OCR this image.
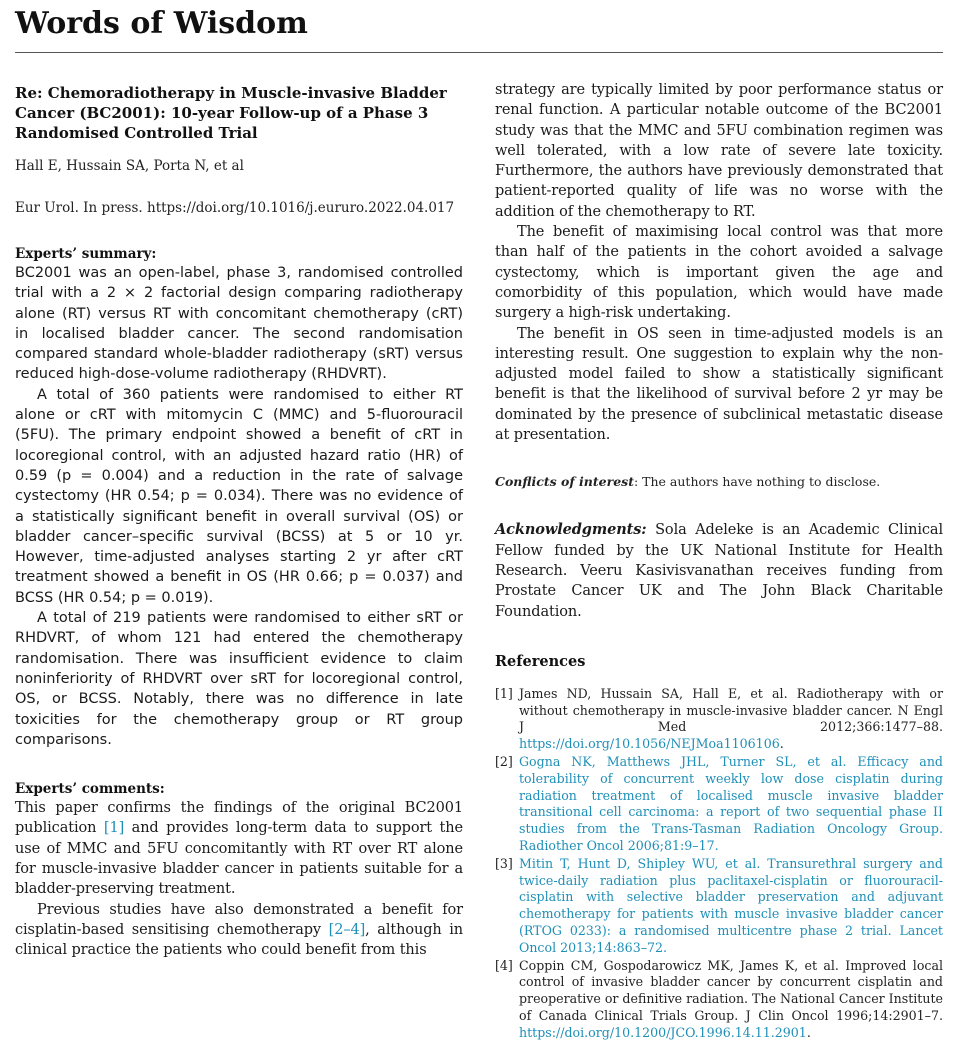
Words of Wisdom
Re: Chemoradiotherapy in Muscle-invasive Bladder Cancer (BC2001): 10-year Follow-up of a Phase 3 Randomised Controlled Trial

Hall E, Hussain SA, Porta N, et al

Eur Urol. In press. https://doi.org/10.1016/j.eururo.2022.04.017

Experts’ summary:

BC2001 was an open-label, phase 3, randomised controlled trial with a 2 × 2 factorial design comparing radiotherapy alone (RT) versus RT with concomitant chemotherapy (cRT) in localised bladder cancer. The second randomisation compared standard whole-bladder radiotherapy (sRT) versus reduced high-dose-volume radiotherapy (RHDVRT).

A total of 360 patients were randomised to either RT alone or cRT with mitomycin C (MMC) and 5-fluorouracil (5FU). The primary endpoint showed a benefit of cRT in locoregional control, with an adjusted hazard ratio (HR) of 0.59 (p = 0.004) and a reduction in the rate of salvage cystectomy (HR 0.54; p = 0.034). There was no evidence of a statistically significant benefit in overall survival (OS) or bladder cancer–specific survival (BCSS) at 5 or 10 yr. However, time-adjusted analyses starting 2 yr after cRT treatment showed a benefit in OS (HR 0.66; p = 0.037) and BCSS (HR 0.54; p = 0.019).

A total of 219 patients were randomised to either sRT or RHDVRT, of whom 121 had entered the chemotherapy randomisation. There was insufficient evidence to claim noninferiority of RHDVRT over sRT for locoregional control, OS, or BCSS. Notably, there was no difference in late toxicities for the chemotherapy group or RT group comparisons.

Experts’ comments:

This paper confirms the findings of the original BC2001 publication [1] and provides long-term data to support the use of MMC and 5FU concomitantly with RT over RT alone for muscle-invasive bladder cancer in patients suitable for a bladder-preserving treatment.

Previous studies have also demonstrated a benefit for cisplatin-based sensitising chemotherapy [2–4], although in clinical practice the patients who could benefit from this

strategy are typically limited by poor performance status or renal function. A particular notable outcome of the BC2001 study was that the MMC and 5FU combination regimen was well tolerated, with a low rate of severe late toxicity. Furthermore, the authors have previously demonstrated that patient-reported quality of life was no worse with the addition of the chemotherapy to RT.

The benefit of maximising local control was that more than half of the patients in the cohort avoided a salvage cystectomy, which is important given the age and comorbidity of this population, which would have made surgery a high-risk undertaking.

The benefit in OS seen in time-adjusted models is an interesting result. One suggestion to explain why the non-adjusted model failed to show a statistically significant benefit is that the likelihood of survival before 2 yr may be dominated by the presence of subclinical metastatic disease at presentation.

Conflicts of interest: The authors have nothing to disclose.

Acknowledgments: Sola Adeleke is an Academic Clinical Fellow funded by the UK National Institute for Health Research. Veeru Kasivisvanathan receives funding from Prostate Cancer UK and The John Black Charitable Foundation.

References

[1] James ND, Hussain SA, Hall E, et al. Radiotherapy with or without chemotherapy in muscle-invasive bladder cancer. N Engl J Med 2012;366:1477–88. https://doi.org/10.1056/NEJMoa1106106.
[2] Gogna NK, Matthews JHL, Turner SL, et al. Efficacy and tolerability of concurrent weekly low dose cisplatin during radiation treatment of localised muscle invasive bladder transitional cell carcinoma: a report of two sequential phase II studies from the Trans-Tasman Radiation Oncology Group. Radiother Oncol 2006;81:9–17.
[3] Mitin T, Hunt D, Shipley WU, et al. Transurethral surgery and twice-daily radiation plus paclitaxel-cisplatin or fluorouracil-cisplatin with selective bladder preservation and adjuvant chemotherapy for patients with muscle invasive bladder cancer (RTOG 0233): a randomised multicentre phase 2 trial. Lancet Oncol 2013;14:863–72.
[4] Coppin CM, Gospodarowicz MK, James K, et al. Improved local control of invasive bladder cancer by concurrent cisplatin and preoperative or definitive radiation. The National Cancer Institute of Canada Clinical Trials Group. J Clin Oncol 1996;14:2901–7. https://doi.org/10.1200/JCO.1996.14.11.2901.
